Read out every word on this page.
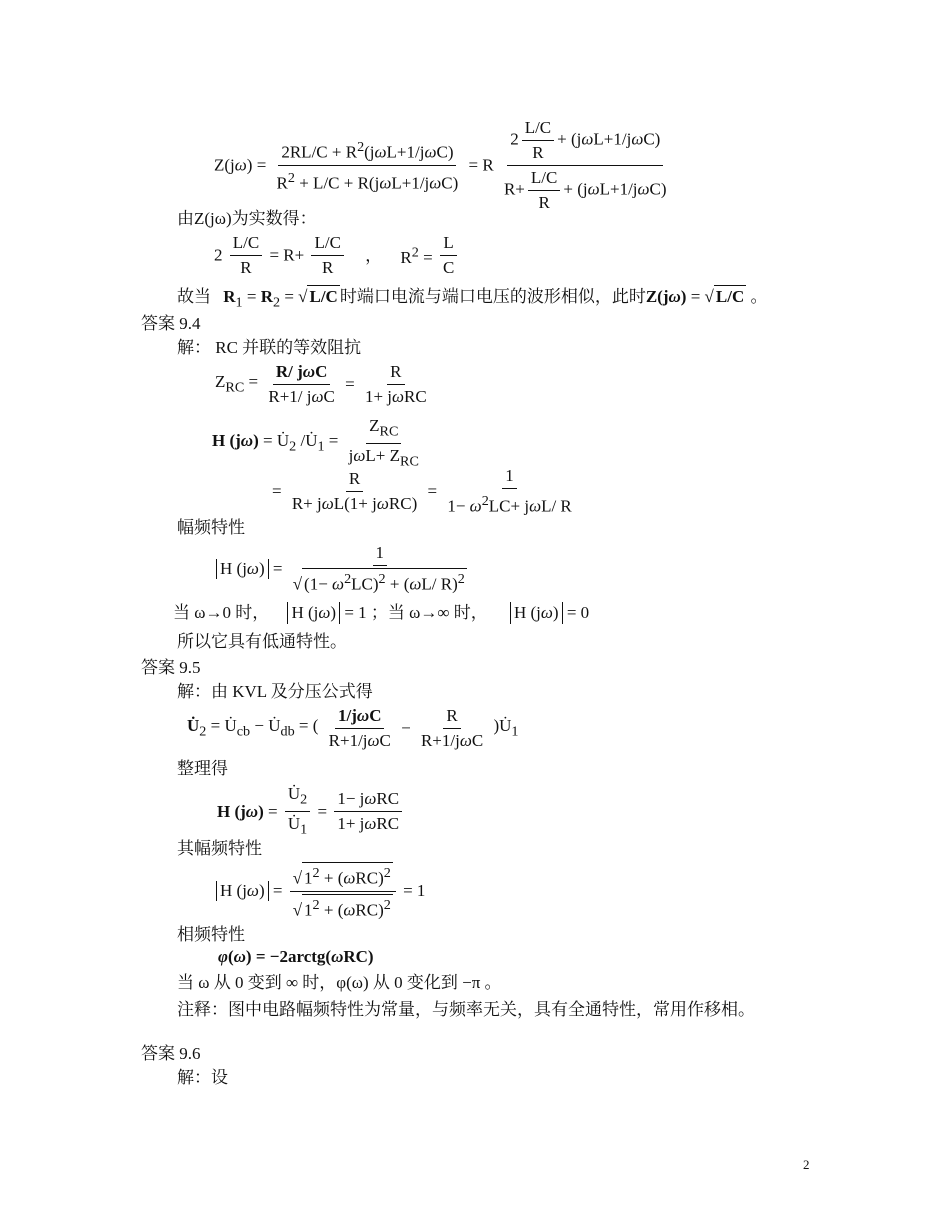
$Z(j\omega) = \frac{2RL/C + R^2(j\omega L+1/j\omega C)}{R^2 + L/C + R(j\omega L+1/j\omega C)} = R \frac{2 \frac{L/C}{R} + (j\omega L+1/j\omega C)}{R+ \frac{L/C}{R} + (j\omega L+1/j\omega C)}$
由Z(jω)为实数得：
$2 \frac{L/C}{R} = R+ \frac{L/C}{R}$ ， $R^2 = \frac{L}{C}$
故当 $R_1 = R_2$ = √ L/C 时端口电流与端口电压的波形相似，此时Z(jω) = √ L/C 。
答案 9.4
解： RC 并联的等效阻抗
$Z_{RC} = \frac{\text{R/ jωC}}{\text{R+1/ jωC}} = \frac{R}{\text{1+ jωRC}}$
H $(j\omega) = U̇_2$ $/U̇_1 = \frac{Z_{RC}}{j\omega L+ Z_{RC}}$
= $\frac{R}{\text{R+ jωL(1+ jωRC)}} = \frac{1}{1- \omega^2LC+ j\omega L/ R}$
幅频特性
H $(j\omega) = \frac{1}{√ (1- \omega^2LC)^2 + (\omega L/ R)^2}$
当 ω→0 时， H (jω) = 1 ；当 ω→∞ 时， H (jω) = 0
所以它具有低通特性。
答案 9.5
解：由 KVL 及分压公式得
$U̇_2$ = $U̇_{cb}$ − $U̇_{db}$ = ( $\frac{\text{1/jωC}}{\text{R+1/jωC}} - \frac{R}{\text{R+1/jωC}}$ )$U̇_1$
整理得
H $(j\omega) = \frac{U̇_2}{U̇_1} = \frac{\text{1− jωRC}}{\text{1+ jωRC}}$
其幅频特性
H $(j\omega) = \frac{√ 1^2 + (\omega RC)^2}{√ 1^2 + (\omega RC)^2} = 1$
相频特性
φ(ω) = −2arctg(ωRC)
当 ω 从 0 变到 ∞ 时，φ(ω) 从 0 变化到 −π 。
注释：图中电路幅频特性为常量，与频率无关，具有全通特性，常用作移相。
答案 9.6
解：设
2
